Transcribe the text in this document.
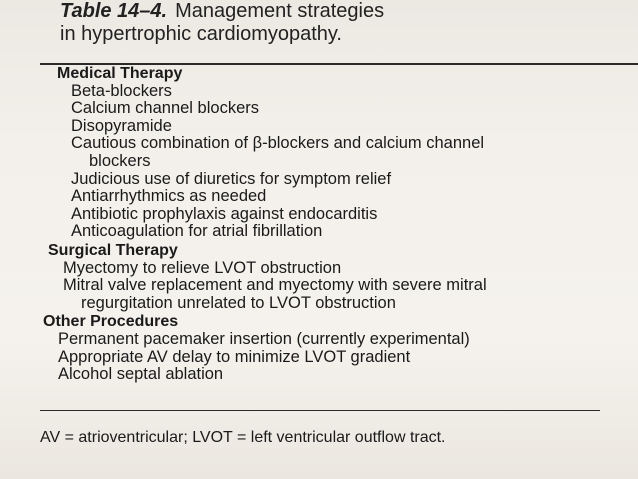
Table 14–4. Management strategies
in hypertrophic cardiomyopathy.
Medical Therapy
Beta-blockers
Calcium channel blockers
Disopyramide
Cautious combination of β-blockers and calcium channel
blockers
Judicious use of diuretics for symptom relief
Antiarrhythmics as needed
Antibiotic prophylaxis against endocarditis
Anticoagulation for atrial fibrillation
Surgical Therapy
Myectomy to relieve LVOT obstruction
Mitral valve replacement and myectomy with severe mitral
regurgitation unrelated to LVOT obstruction
Other Procedures
Permanent pacemaker insertion (currently experimental)
Appropriate AV delay to minimize LVOT gradient
Alcohol septal ablation
AV = atrioventricular; LVOT = left ventricular outflow tract.
